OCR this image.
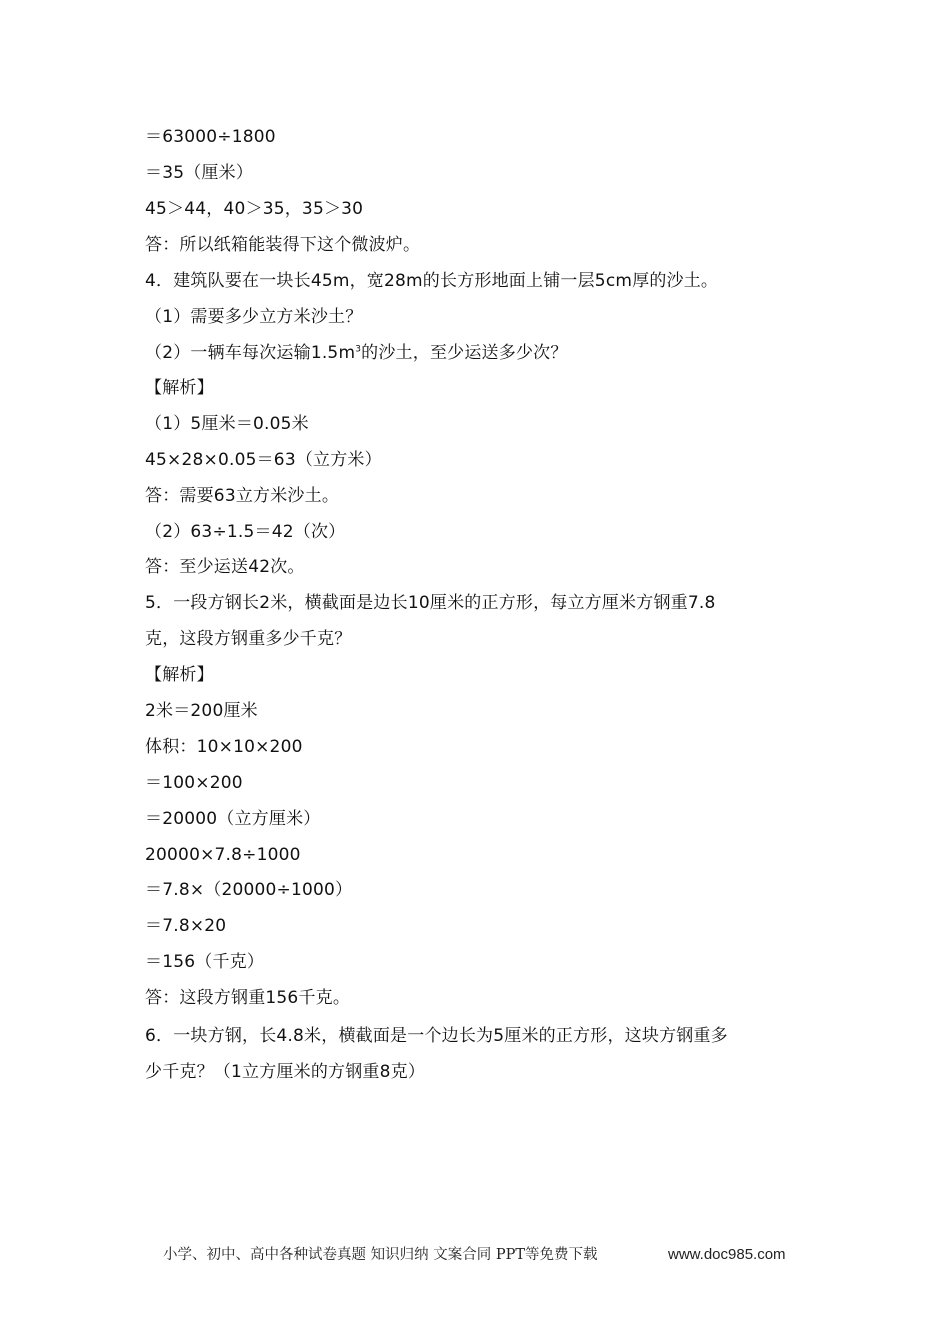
＝63000÷1800
＝35（厘米）
45＞44，40＞35，35＞30
答：所以纸箱能装得下这个微波炉。
4．建筑队要在一块长45m，宽28m的长方形地面上铺一层5cm厚的沙土。
（1）需要多少立方米沙土？
（2）一辆车每次运输$1.5m^3$的沙土，至少运送多少次？
【解析】
（1）5厘米＝0.05米
45×28×0.05＝63（立方米）
答：需要63立方米沙土。
（2）63÷1.5＝42（次）
答：至少运送42次。
5．一段方钢长2米，横截面是边长10厘米的正方形，每立方厘米方钢重7.8
克，这段方钢重多少千克？
【解析】
2米＝200厘米
体积：10×10×200
＝100×200
＝20000（立方厘米）
20000×7.8÷1000
＝7.8×（20000÷1000）
＝7.8×20
＝156（千克）
答：这段方钢重156千克。
6．一块方钢，长4.8米，横截面是一个边长为5厘米的正方形，这块方钢重多
少千克？（1立方厘米的方钢重8克）
小学、初中、高中各种试卷真题 知识归纳 文案合同 PPT等免费下载	www.doc985.com
